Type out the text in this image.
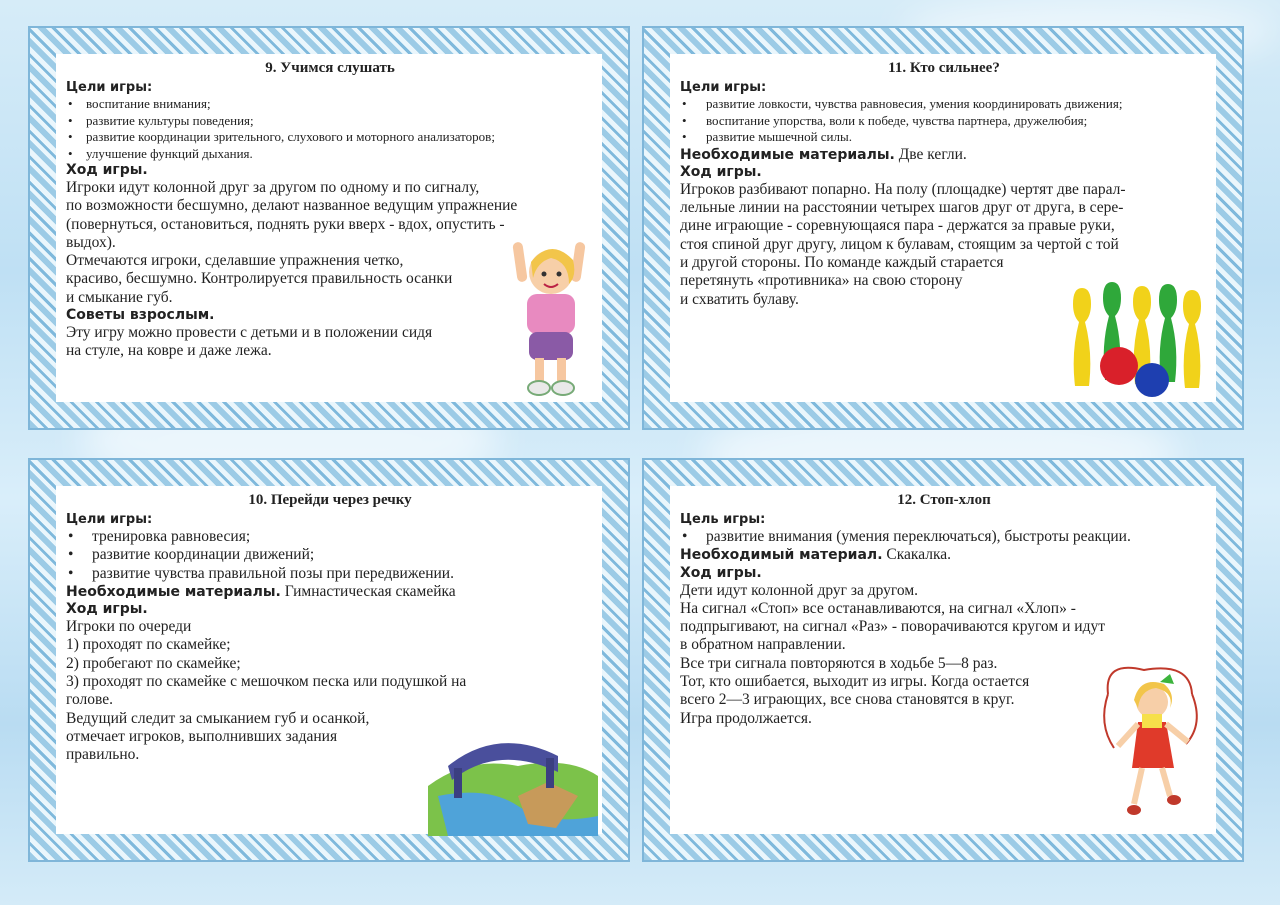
9. Учимся слушать
Цели игры:
• воспитание внимания;
• развитие культуры поведения;
• развитие координации зрительного, слухового и моторного анализаторов;
• улучшение функций дыхания.
Ход игры.
Игроки идут колонной друг за другом по одному и по сигналу,
по возможности бесшумно, делают названное ведущим упражнение
(повернуться, остановиться, поднять руки вверх - вдох, опустить -
выдох).
Отмечаются игроки, сделавшие упражнения четко,
красиво, бесшумно. Контролируется правильность осанки
и смыкание губ.
Советы взрослым.
Эту игру можно провести с детьми и в положении сидя
на стуле, на ковре и даже лежа.
11. Кто сильнее?
Цели игры:
• развитие ловкости, чувства равновесия, умения координировать движения;
• воспитание упорства, воли к победе, чувства партнера, дружелюбия;
• развитие мышечной силы.
Необходимые материалы. Две кегли.
Ход игры.
Игроков разбивают попарно. На полу (площадке) чертят две парал-
лельные линии на расстоянии четырех шагов друг от друга, в сере-
дине играющие - соревнующаяся пара - держатся за правые руки,
стоя спиной друг другу, лицом к булавам, стоящим за чертой с той
и другой стороны. По команде каждый старается
перетянуть «противника» на свою сторону
и схватить булаву.
10. Перейди через речку
Цели игры:
• тренировка равновесия;
• развитие координации движений;
• развитие чувства правильной позы при передвижении.
Необходимые материалы. Гимнастическая скамейка
Ход игры.
Игроки по очереди
1) проходят по скамейке;
2) пробегают по скамейке;
3) проходят по скамейке с мешочком песка или подушкой на
голове.
Ведущий следит за смыканием губ и осанкой,
отмечает игроков, выполнивших задания
правильно.
12. Стоп-хлоп
Цель игры:
• развитие внимания (умения переключаться), быстроты реакции.
Необходимый материал. Скакалка.
Ход игры.
Дети идут колонной друг за другом.
На сигнал «Стоп» все останавливаются, на сигнал «Хлоп» -
подпрыгивают, на сигнал «Раз» - поворачиваются кругом и идут
в обратном направлении.
Все три сигнала повторяются в ходьбе 5—8 раз.
Тот, кто ошибается, выходит из игры. Когда остается
всего 2—3 играющих, все снова становятся в круг.
Игра продолжается.
